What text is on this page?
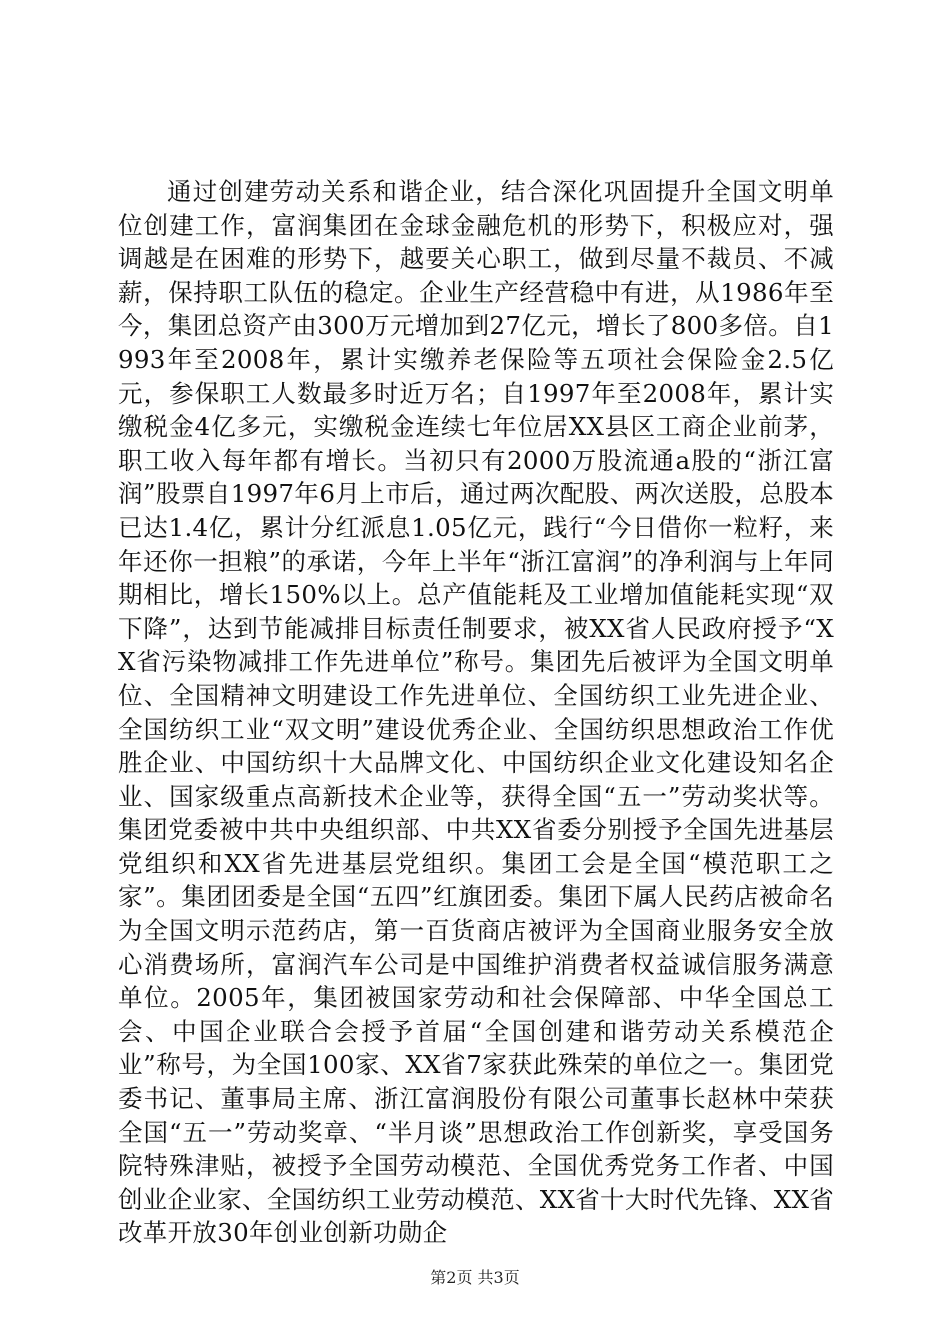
通过创建劳动关系和谐企业，结合深化巩固提升全国文明单位创建工作，富润集团在金球金融危机的形势下，积极应对，强调越是在困难的形势下，越要关心职工，做到尽量不裁员、不减薪，保持职工队伍的稳定。企业生产经营稳中有进，从1986年至今，集团总资产由300万元增加到27亿元，增长了800多倍。自1993年至2008年，累计实缴养老保险等五项社会保险金2.5亿元，参保职工人数最多时近万名；自1997年至2008年，累计实缴税金4亿多元，实缴税金连续七年位居XX县区工商企业前茅，职工收入每年都有增长。当初只有2000万股流通a股的“浙江富润”股票自1997年6月上市后，通过两次配股、两次送股，总股本已达1.4亿，累计分红派息1.05亿元，践行“今日借你一粒籽，来年还你一担粮”的承诺，今年上半年“浙江富润”的净利润与上年同期相比，增长150%以上。总产值能耗及工业增加值能耗实现“双下降”，达到节能减排目标责任制要求，被XX省人民政府授予“XX省污染物减排工作先进单位”称号。集团先后被评为全国文明单位、全国精神文明建设工作先进单位、全国纺织工业先进企业、全国纺织工业“双文明”建设优秀企业、全国纺织思想政治工作优胜企业、中国纺织十大品牌文化、中国纺织企业文化建设知名企业、国家级重点高新技术企业等，获得全国“五一”劳动奖状等。集团党委被中共中央组织部、中共XX省委分别授予全国先进基层党组织和XX省先进基层党组织。集团工会是全国“模范职工之家”。集团团委是全国“五四”红旗团委。集团下属人民药店被命名为全国文明示范药店，第一百货商店被评为全国商业服务安全放心消费场所，富润汽车公司是中国维护消费者权益诚信服务满意单位。2005年，集团被国家劳动和社会保障部、中华全国总工会、中国企业联合会授予首届“全国创建和谐劳动关系模范企业”称号，为全国100家、XX省7家获此殊荣的单位之一。集团党委书记、董事局主席、浙江富润股份有限公司董事长赵林中荣获全国“五一”劳动奖章、“半月谈”思想政治工作创新奖，享受国务院特殊津贴，被授予全国劳动模范、全国优秀党务工作者、中国创业企业家、全国纺织工业劳动模范、XX省十大时代先锋、XX省改革开放30年创业创新功勋企

第2页 共3页
